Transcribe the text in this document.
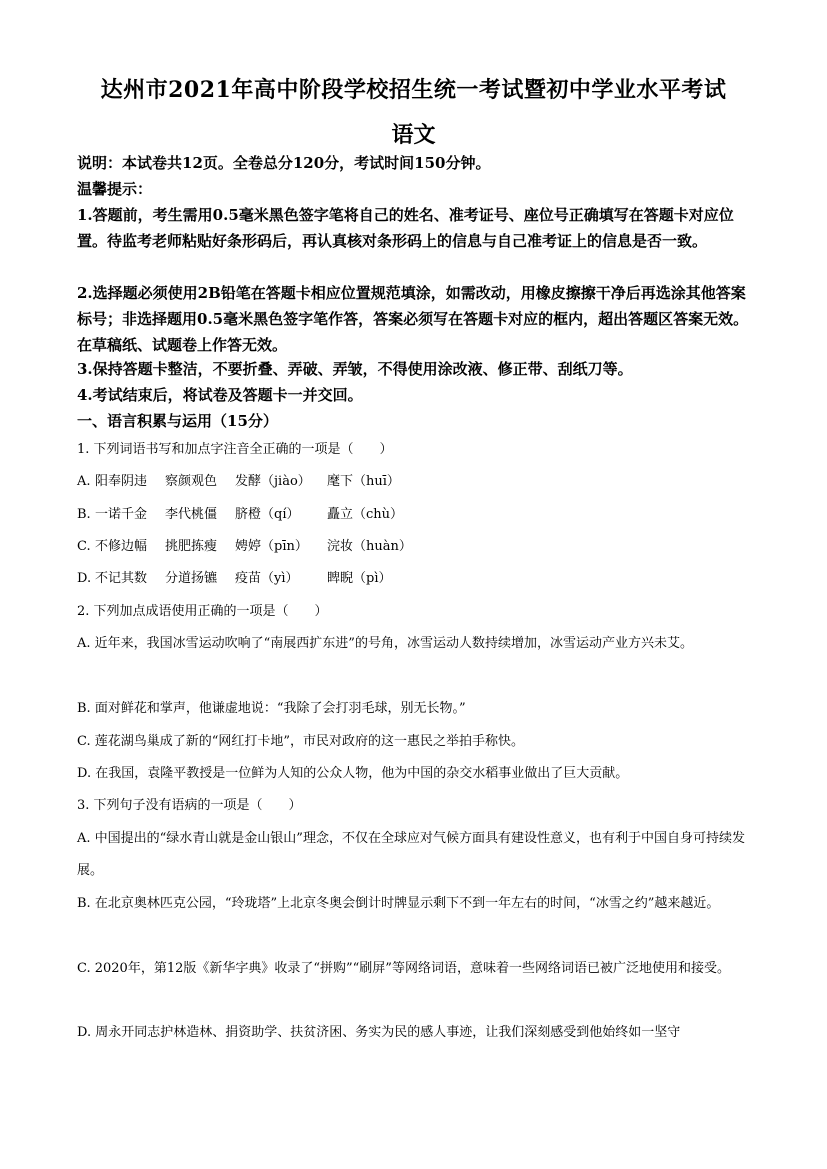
达州市2021年高中阶段学校招生统一考试暨初中学业水平考试
语文
说明：本试卷共12页。全卷总分120分，考试时间150分钟。
温馨提示：
1.答题前，考生需用0.5毫米黑色签字笔将自己的姓名、准考证号、座位号正确填写在答题卡对应位置。待监考老师粘贴好条形码后，再认真核对条形码上的信息与自己准考证上的信息是否一致。
2.选择题必须使用2B铅笔在答题卡相应位置规范填涂，如需改动，用橡皮擦擦干净后再选涂其他答案标号；非选择题用0.5毫米黑色签字笔作答，答案必须写在答题卡对应的框内，超出答题区答案无效。在草稿纸、试题卷上作答无效。
3.保持答题卡整洁，不要折叠、弄破、弄皱，不得使用涂改液、修正带、刮纸刀等。
4.考试结束后，将试卷及答题卡一并交回。
一、语言积累与运用（15分）
1. 下列词语书写和加点字注音全正确的一项是（　　）
A. 阳奉阴违 察颜观色 发酵（jiào） 麾下（huī）
B. 一诺千金 李代桃僵 脐橙（qí） 矗立（chù）
C. 不修边幅 挑肥拣瘦 娉婷（pīn） 浣妆（huàn）
D. 不记其数 分道扬镳 疫苗（yì） 睥睨（pì）
2. 下列加点成语使用正确的一项是（　　）
A. 近年来，我国冰雪运动吹响了“南展西扩东进”的号角，冰雪运动人数持续增加，冰雪运动产业方兴未艾。
B. 面对鲜花和掌声，他谦虚地说：“我除了会打羽毛球，别无长物。”
C. 莲花湖鸟巢成了新的“网红打卡地”，市民对政府的这一惠民之举拍手称快。
D. 在我国，袁隆平教授是一位鲜为人知的公众人物，他为中国的杂交水稻事业做出了巨大贡献。
3. 下列句子没有语病的一项是（　　）
A. 中国提出的“绿水青山就是金山银山”理念，不仅在全球应对气候方面具有建设性意义，也有利于中国自身可持续发展。
B. 在北京奥林匹克公园，“玲珑塔”上北京冬奥会倒计时牌显示剩下不到一年左右的时间，“冰雪之约”越来越近。
C. 2020年，第12版《新华字典》收录了“拼购”“刷屏”等网络词语，意味着一些网络词语已被广泛地使用和接受。
D. 周永开同志护林造林、捐资助学、扶贫济困、务实为民的感人事迹，让我们深刻感受到他始终如一坚守
